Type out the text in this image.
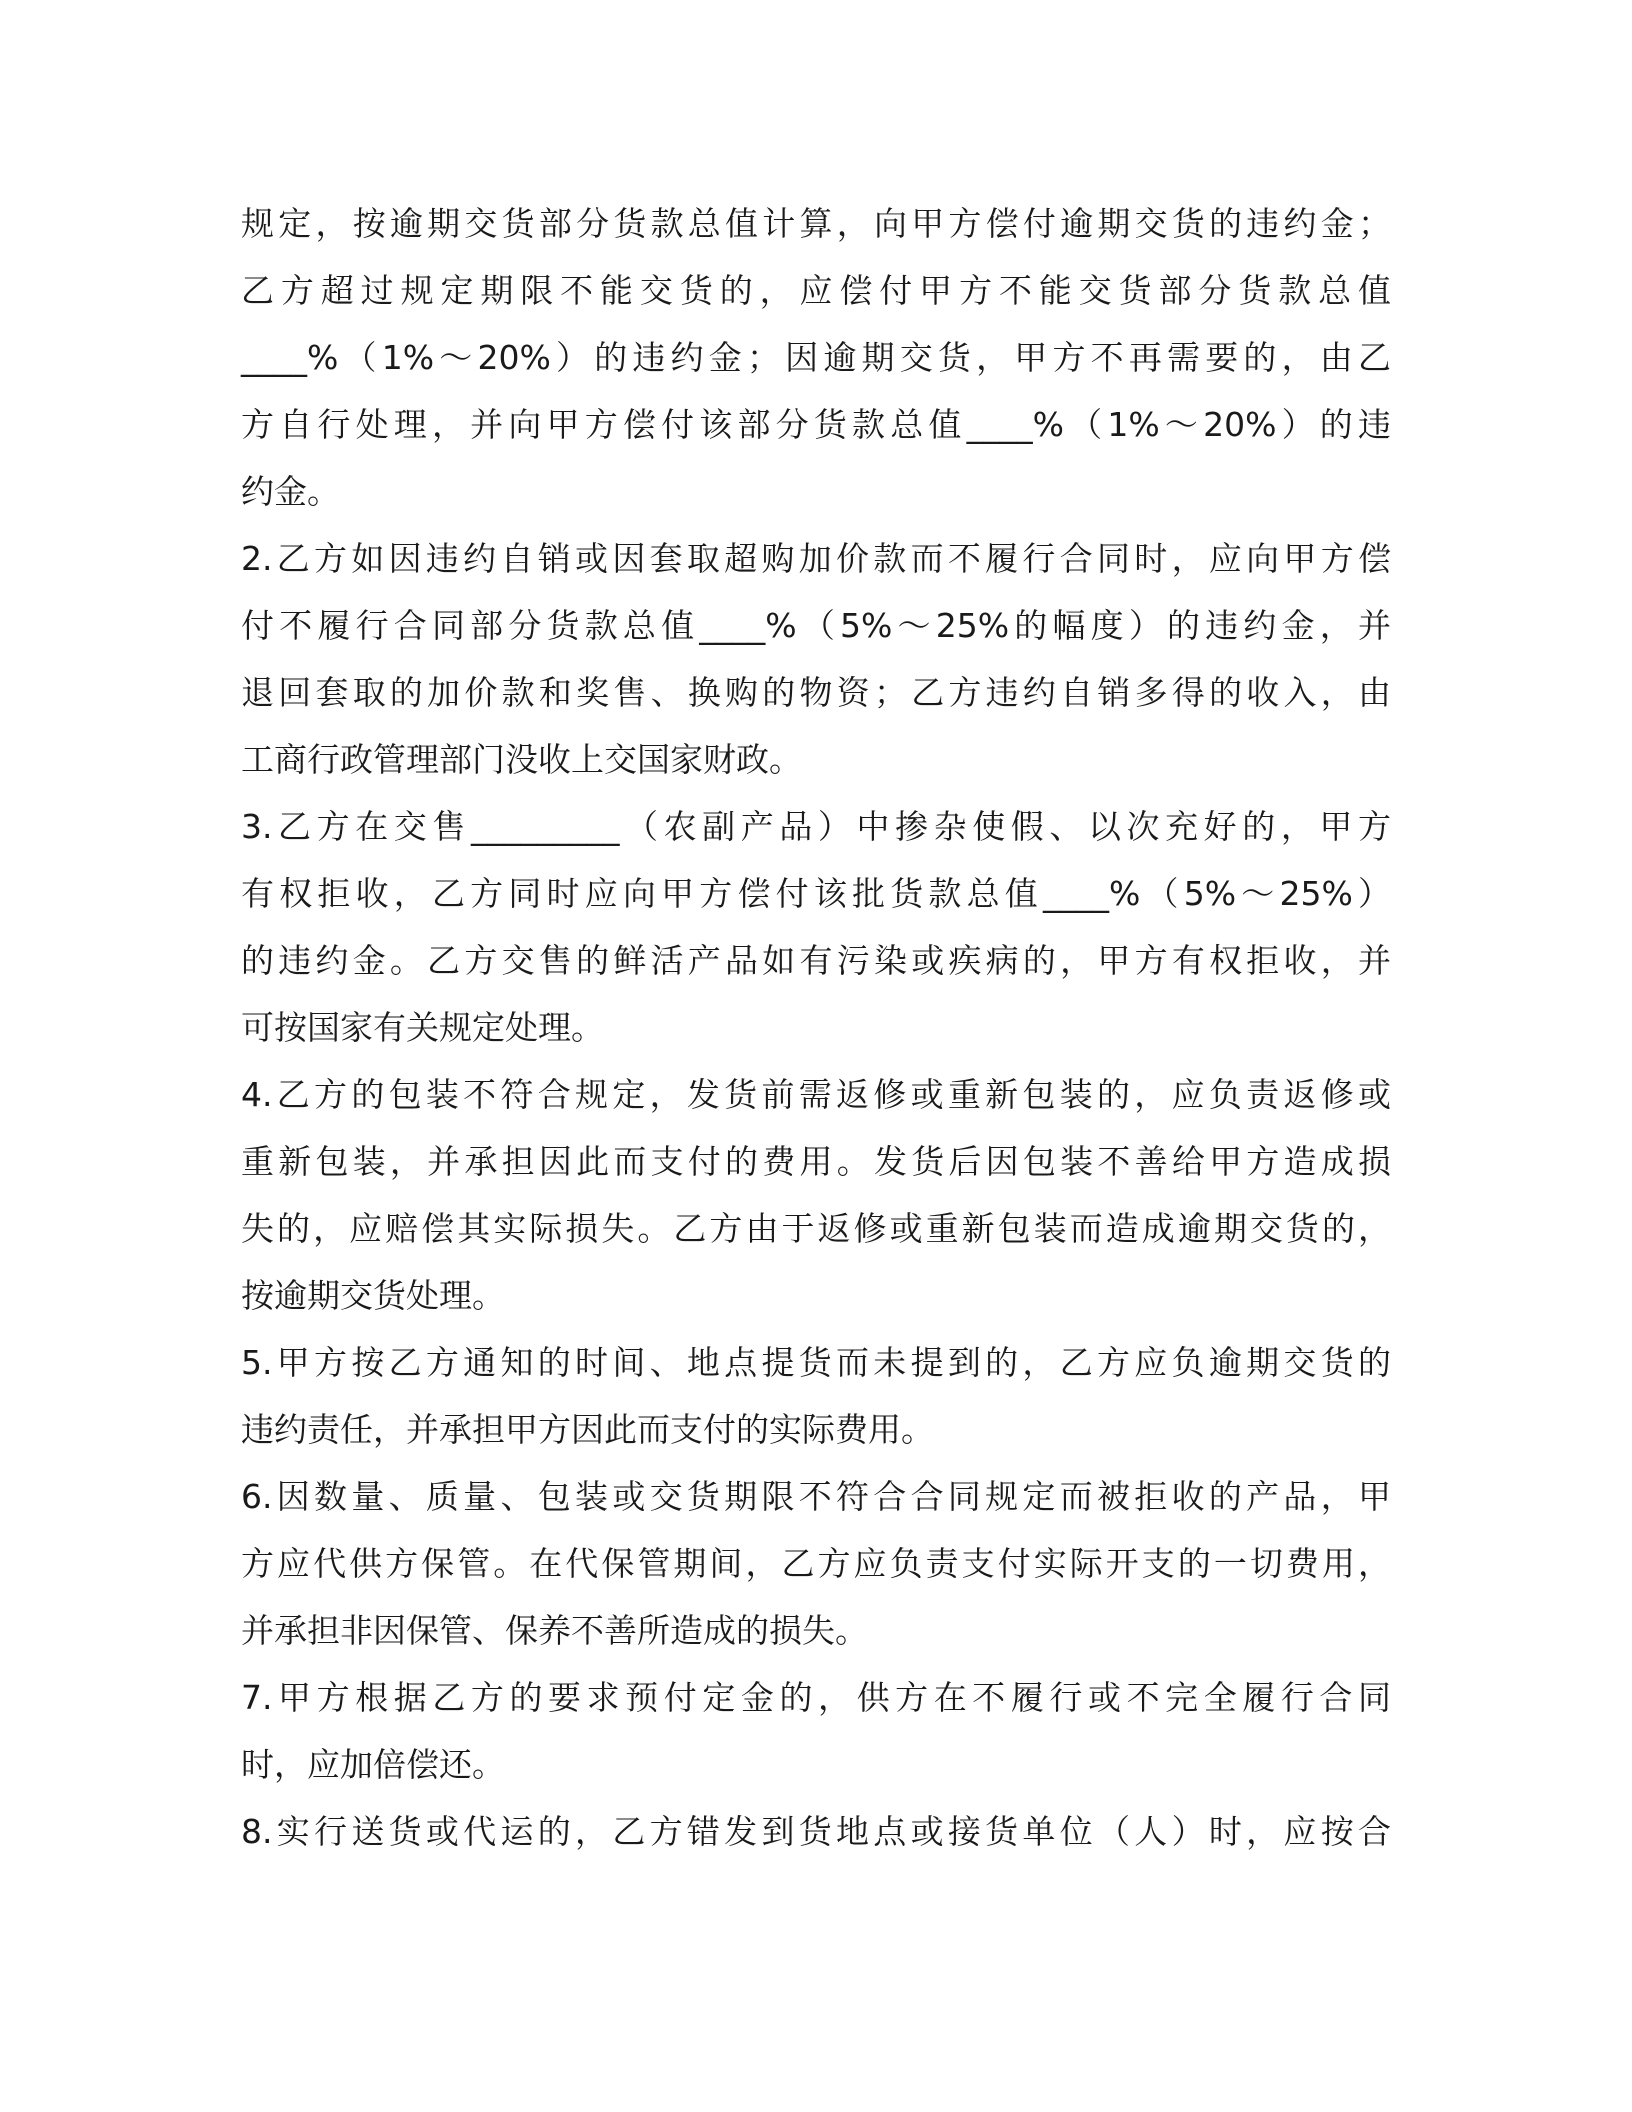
规定，按逾期交货部分货款总值计算，向甲方偿付逾期交货的违约金；
乙方超过规定期限不能交货的，应偿付甲方不能交货部分货款总值
____%（1%～20%）的违约金；因逾期交货，甲方不再需要的，由乙
方自行处理，并向甲方偿付该部分货款总值____%（1%～20%）的违
约金。
2.乙方如因违约自销或因套取超购加价款而不履行合同时，应向甲方偿
付不履行合同部分货款总值____%（5%～25%的幅度）的违约金，并
退回套取的加价款和奖售、换购的物资；乙方违约自销多得的收入，由
工商行政管理部门没收上交国家财政。
3.乙方在交售_________（农副产品）中掺杂使假、以次充好的，甲方
有权拒收，乙方同时应向甲方偿付该批货款总值____%（5%～25%）
的违约金。乙方交售的鲜活产品如有污染或疾病的，甲方有权拒收，并
可按国家有关规定处理。
4.乙方的包装不符合规定，发货前需返修或重新包装的，应负责返修或
重新包装，并承担因此而支付的费用。发货后因包装不善给甲方造成损
失的，应赔偿其实际损失。乙方由于返修或重新包装而造成逾期交货的，
按逾期交货处理。
5.甲方按乙方通知的时间、地点提货而未提到的，乙方应负逾期交货的
违约责任，并承担甲方因此而支付的实际费用。
6.因数量、质量、包装或交货期限不符合合同规定而被拒收的产品，甲
方应代供方保管。在代保管期间，乙方应负责支付实际开支的一切费用，
并承担非因保管、保养不善所造成的损失。
7.甲方根据乙方的要求预付定金的，供方在不履行或不完全履行合同
时，应加倍偿还。
8.实行送货或代运的，乙方错发到货地点或接货单位（人）时，应按合
